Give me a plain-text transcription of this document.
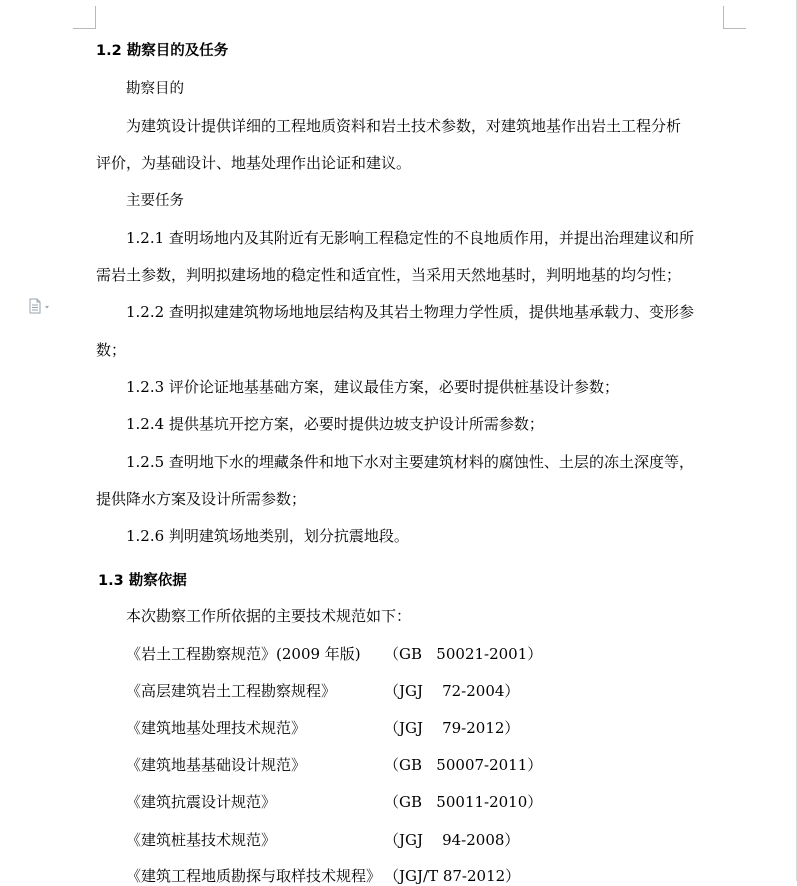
1.2 勘察目的及任务
勘察目的
为建筑设计提供详细的工程地质资料和岩土技术参数，对建筑地基作出岩土工程分析
评价，为基础设计、地基处理作出论证和建议。
主要任务
1.2.1 查明场地内及其附近有无影响工程稳定性的不良地质作用，并提出治理建议和所
需岩土参数，判明拟建场地的稳定性和适宜性，当采用天然地基时，判明地基的均匀性；
1.2.2 查明拟建建筑物场地地层结构及其岩土物理力学性质，提供地基承载力、变形参
数；
1.2.3 评价论证地基基础方案，建议最佳方案，必要时提供桩基设计参数；
1.2.4 提供基坑开挖方案，必要时提供边坡支护设计所需参数；
1.2.5 查明地下水的埋藏条件和地下水对主要建筑材料的腐蚀性、土层的冻土深度等，
提供降水方案及设计所需参数；
1.2.6 判明建筑场地类别，划分抗震地段。
1.3 勘察依据
本次勘察工作所依据的主要技术规范如下：
《岩土工程勘察规范》(2009 年版) （GB   50021-2001）
《高层建筑岩土工程勘察规程》	（JGJ    72-2004）
《建筑地基处理技术规范》	（JGJ    79-2012）
《建筑地基基础设计规范》	（GB   50007-2011）
《建筑抗震设计规范》	（GB   50011-2010）
《建筑桩基技术规范》	（JGJ    94-2008）
《建筑工程地质勘探与取样技术规程》 （JGJ/T 87-2012）
